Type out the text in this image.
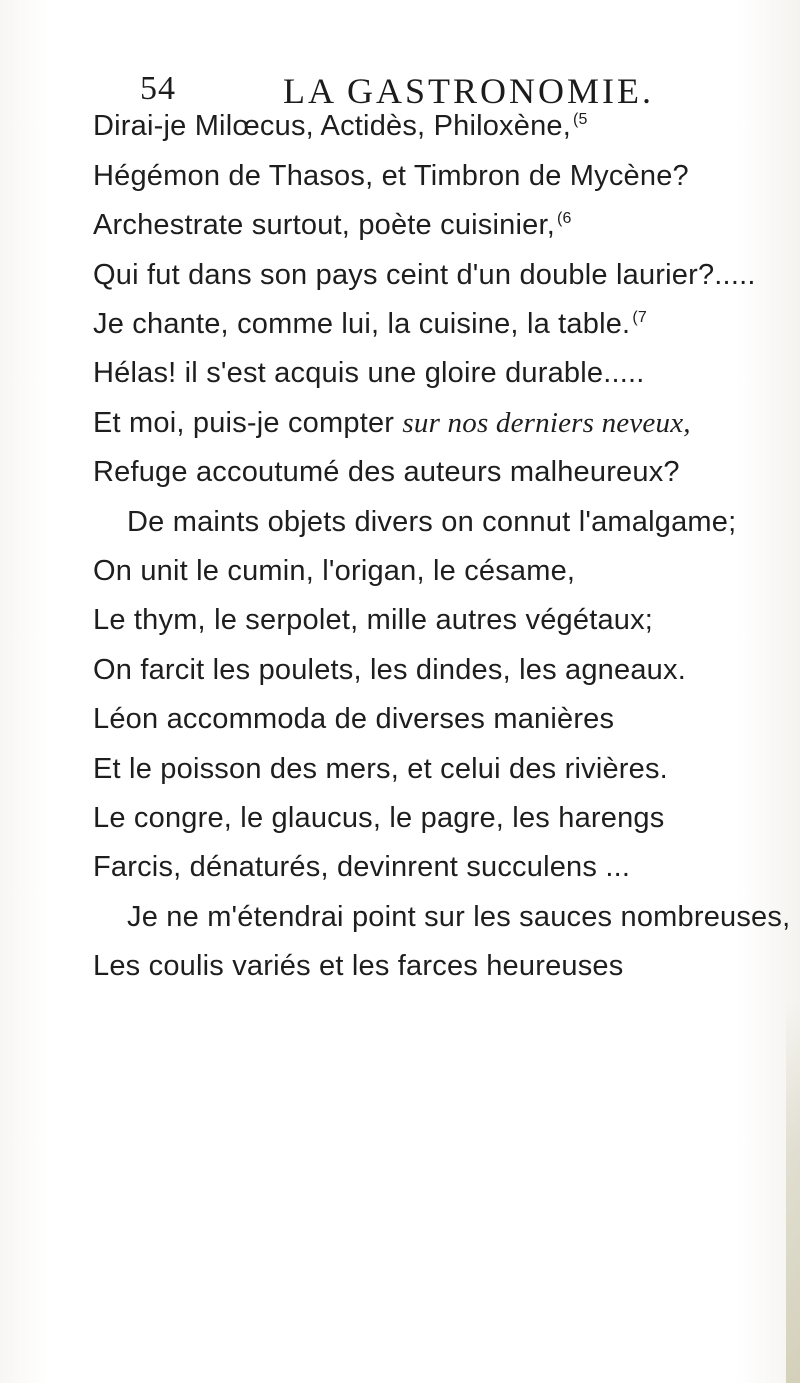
54	LA GASTRONOMIE.
Dirai-je Milœcus, Actidès, Philoxène, $^{(5}$
Hégémon de Thasos, et Timbron de Mycène?
Archestrate surtout, poète cuisinier, $^{(6}$
Qui fut dans son pays ceint d'un double laurier?.....
Je chante, comme lui, la cuisine, la table. $^{(7}$
Hélas! il s'est acquis une gloire durable.....
Et moi, puis-je compter sur nos derniers neveux,
Refuge accoutumé des auteurs malheureux?
De maints objets divers on connut l'amalgame;
On unit le cumin, l'origan, le césame,
Le thym, le serpolet, mille autres végétaux;
On farcit les poulets, les dindes, les agneaux.
Léon accommoda de diverses manières
Et le poisson des mers, et celui des rivières.
Le congre, le glaucus, le pagre, les harengs
Farcis, dénaturés, devinrent succulens ...
Je ne m'étendrai point sur les sauces nombreuses,
Les coulis variés et les farces heureuses
